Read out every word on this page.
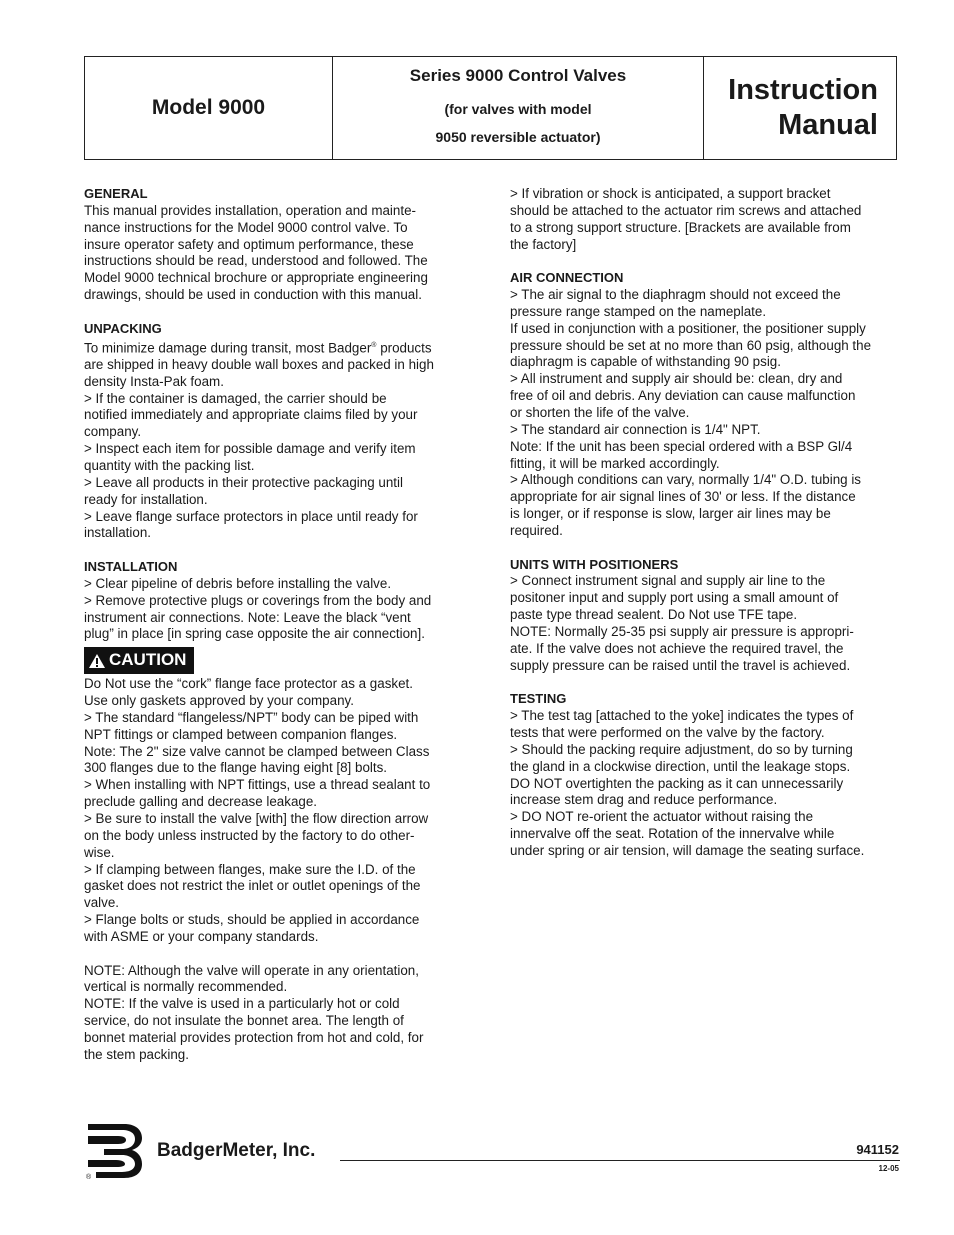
Model 9000
Series 9000 Control Valves
(for valves with model
9050 reversible actuator)
Instruction
Manual
GENERAL
This manual provides installation, operation and mainte-
nance instructions for the Model 9000 control valve. To
insure operator safety and optimum performance, these
instructions should be read, understood and followed. The
Model 9000 technical brochure or appropriate engineering
drawings, should be used in conduction with this manual.
UNPACKING
To minimize damage during transit, most Badger® products
are shipped in heavy double wall boxes and packed in high
density Insta-Pak foam.
> If the container is damaged, the carrier should be
notified immediately and appropriate claims filed by your
company.
> Inspect each item for possible damage and verify item
quantity with the packing list.
> Leave all products in their protective packaging until
ready for installation.
> Leave flange surface protectors in place until ready for
installation.
INSTALLATION
> Clear pipeline of debris before installing the valve.
> Remove protective plugs or coverings from the body and
instrument air connections. Note: Leave the black “vent
plug” in place [in spring case opposite the air connection].
CAUTION
Do Not use the “cork” flange face protector as a gasket.
Use only gaskets approved by your company.
> The standard “flangeless/NPT” body can be piped with
NPT fittings or clamped between companion flanges.
Note: The 2" size valve cannot be clamped between Class
300 flanges due to the flange having eight [8] bolts.
> When installing with NPT fittings, use a thread sealant to
preclude galling and decrease leakage.
> Be sure to install the valve [with] the flow direction arrow
on the body unless instructed by the factory to do other-
wise.
> If clamping between flanges, make sure the I.D. of the
gasket does not restrict the inlet or outlet openings of the
valve.
> Flange bolts or studs, should be applied in accordance
with ASME or your company standards.
NOTE: Although the valve will operate in any orientation,
vertical is normally recommended.
NOTE: If the valve is used in a particularly hot or cold
service, do not insulate the bonnet area. The length of
bonnet material provides protection from hot and cold, for
the stem packing.
> If vibration or shock is anticipated, a support bracket
should be attached to the actuator rim screws and attached
to a strong support structure. [Brackets are available from
the factory]
AIR CONNECTION
> The air signal to the diaphragm should not exceed the
pressure range stamped on the nameplate.
If used in conjunction with a positioner, the positioner supply
pressure should be set at no more than 60 psig, although the
diaphragm is capable of withstanding 90 psig.
> All instrument and supply air should be: clean, dry and
free of oil and debris. Any deviation can cause malfunction
or shorten the life of the valve.
> The standard air connection is 1/4" NPT.
Note: If the unit has been special ordered with a BSP Gl/4
fitting, it will be marked accordingly.
> Although conditions can vary, normally 1/4" O.D. tubing is
appropriate for air signal lines of 30' or less. If the distance
is longer, or if response is slow, larger air lines may be
required.
UNITS WITH POSITIONERS
> Connect instrument signal and supply air line to the
positoner input and supply port using a small amount of
paste type thread sealent. Do Not use TFE tape.
NOTE: Normally 25-35 psi supply air pressure is appropri-
ate. If the valve does not achieve the required travel, the
supply pressure can be raised until the travel is achieved.
TESTING
> The test tag [attached to the yoke] indicates the types of
tests that were performed on the valve by the factory.
> Should the packing require adjustment, do so by turning
the gland in a clockwise direction, until the leakage stops.
DO NOT overtighten the packing as it can unnecessarily
increase stem drag and reduce performance.
> DO NOT re-orient the actuator without raising the
innervalve off the seat. Rotation of the innervalve while
under spring or air tension, will damage the seating surface.
®
BadgerMeter, Inc.	941152
12-05
